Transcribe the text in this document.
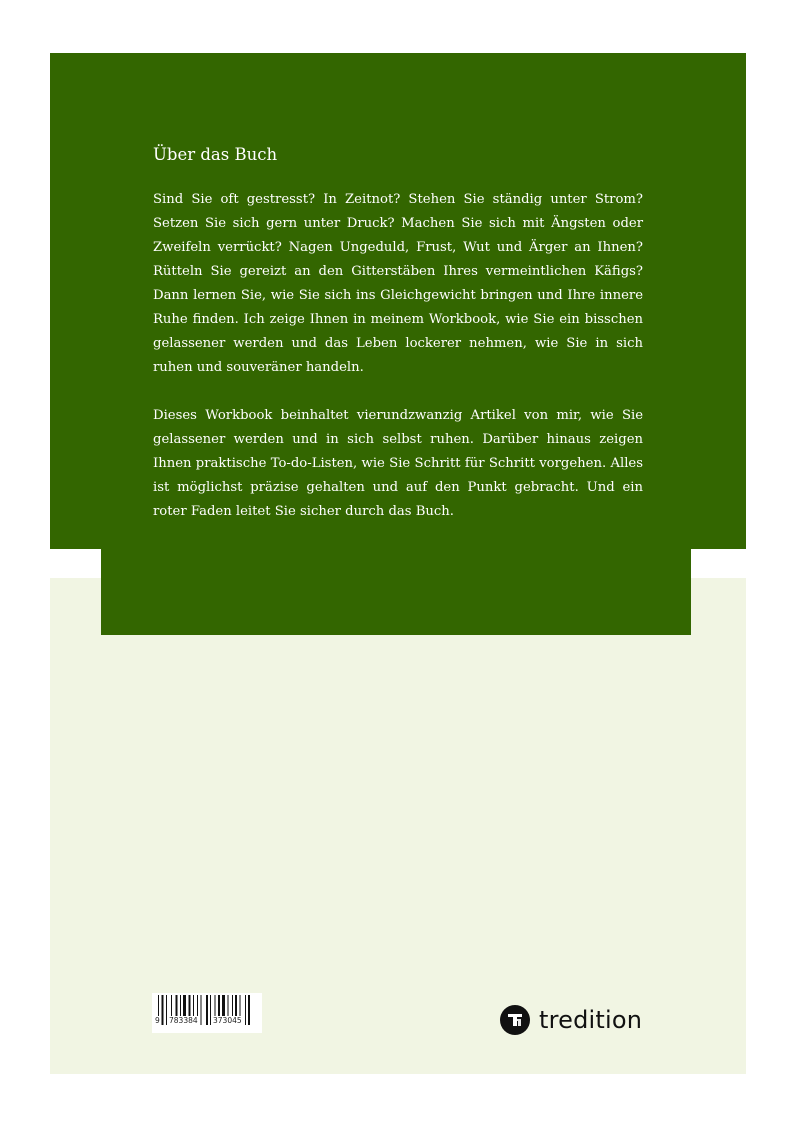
Über das Buch

Sind Sie oft gestresst? In Zeitnot? Stehen Sie ständig unter Strom? Setzen Sie sich gern unter Druck? Machen Sie sich mit Ängsten oder Zweifeln verrückt? Nagen Ungeduld, Frust, Wut und Ärger an Ihnen? Rütteln Sie gereizt an den Gitterstäben Ihres vermeintlichen Käfigs? Dann lernen Sie, wie Sie sich ins Gleichgewicht bringen und Ihre innere Ruhe finden. Ich zeige Ihnen in meinem Workbook, wie Sie ein bisschen gelassener werden und das Leben lockerer nehmen, wie Sie in sich ruhen und souveräner handeln.

Dieses Workbook beinhaltet vierundzwanzig Artikel von mir, wie Sie gelassener werden und in sich selbst ruhen. Darüber hinaus zeigen Ihnen praktische To-do-Listen, wie Sie Schritt für Schritt vorgehen. Alles ist möglichst präzise gehalten und auf den Punkt gebracht. Und ein roter Faden leitet Sie sicher durch das Buch.

9 783384 373045	tredition
